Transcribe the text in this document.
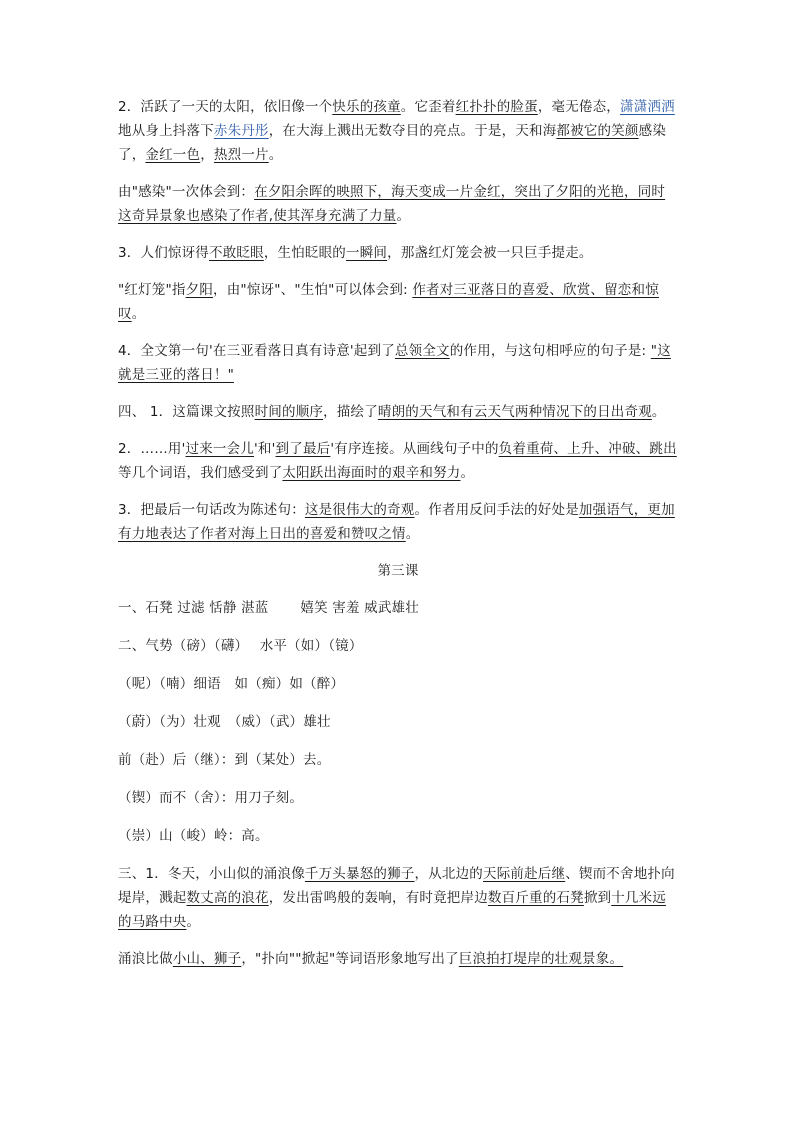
2．活跃了一天的太阳，依旧像一个快乐的孩童。它歪着红扑扑的脸蛋，毫无倦态，潇潇洒洒地从身上抖落下赤朱丹彤，在大海上溅出无数夺目的亮点。于是，天和海都被它的笑颜感染了，金红一色，热烈一片。

由"感染"一次体会到：在夕阳余晖的映照下，海天变成一片金红，突出了夕阳的光艳，同时这奇异景象也感染了作者,使其浑身充满了力量。

3．人们惊讶得不敢眨眼，生怕眨眼的一瞬间，那盏红灯笼会被一只巨手提走。

"红灯笼"指夕阳，由"惊讶"、"生怕"可以体会到: 作者对三亚落日的喜爱、欣赏、留恋和惊叹。

4．全文第一句'在三亚看落日真有诗意'起到了总领全文的作用，与这句相呼应的句子是: "这就是三亚的落日！"

四、 1．这篇课文按照时间的顺序，描绘了晴朗的天气和有云天气两种情况下的日出奇观。

2．……用'过来一会儿'和'到了最后'有序连接。从画线句子中的负着重荷、上升、冲破、跳出等几个词语，我们感受到了太阳跃出海面时的艰辛和努力。

3．把最后一句话改为陈述句：这是很伟大的奇观。作者用反问手法的好处是加强语气，更加有力地表达了作者对海上日出的喜爱和赞叹之情。

第三课

一、石凳 过滤 恬静 湛蓝　　 嬉笑 害羞 威武雄壮

二、气势（磅）（礴）　 水平（如）（镜）

（呢）（喃）细语　如（痴）如（醉）

（蔚）（为）壮观　（威）（武）雄壮

前（赴）后（继）：到（某处）去。

（锲）而不（舍）：用刀子刻。

（崇）山（峻）岭：高。

三、1．冬天，小山似的涌浪像千万头暴怒的狮子，从北边的天际前赴后继、锲而不舍地扑向堤岸，溅起数丈高的浪花，发出雷鸣般的轰响，有时竟把岸边数百斤重的石凳掀到十几米远的马路中央。

涌浪比做小山、狮子，"扑向""掀起"等词语形象地写出了巨浪拍打堤岸的壮观景象。
